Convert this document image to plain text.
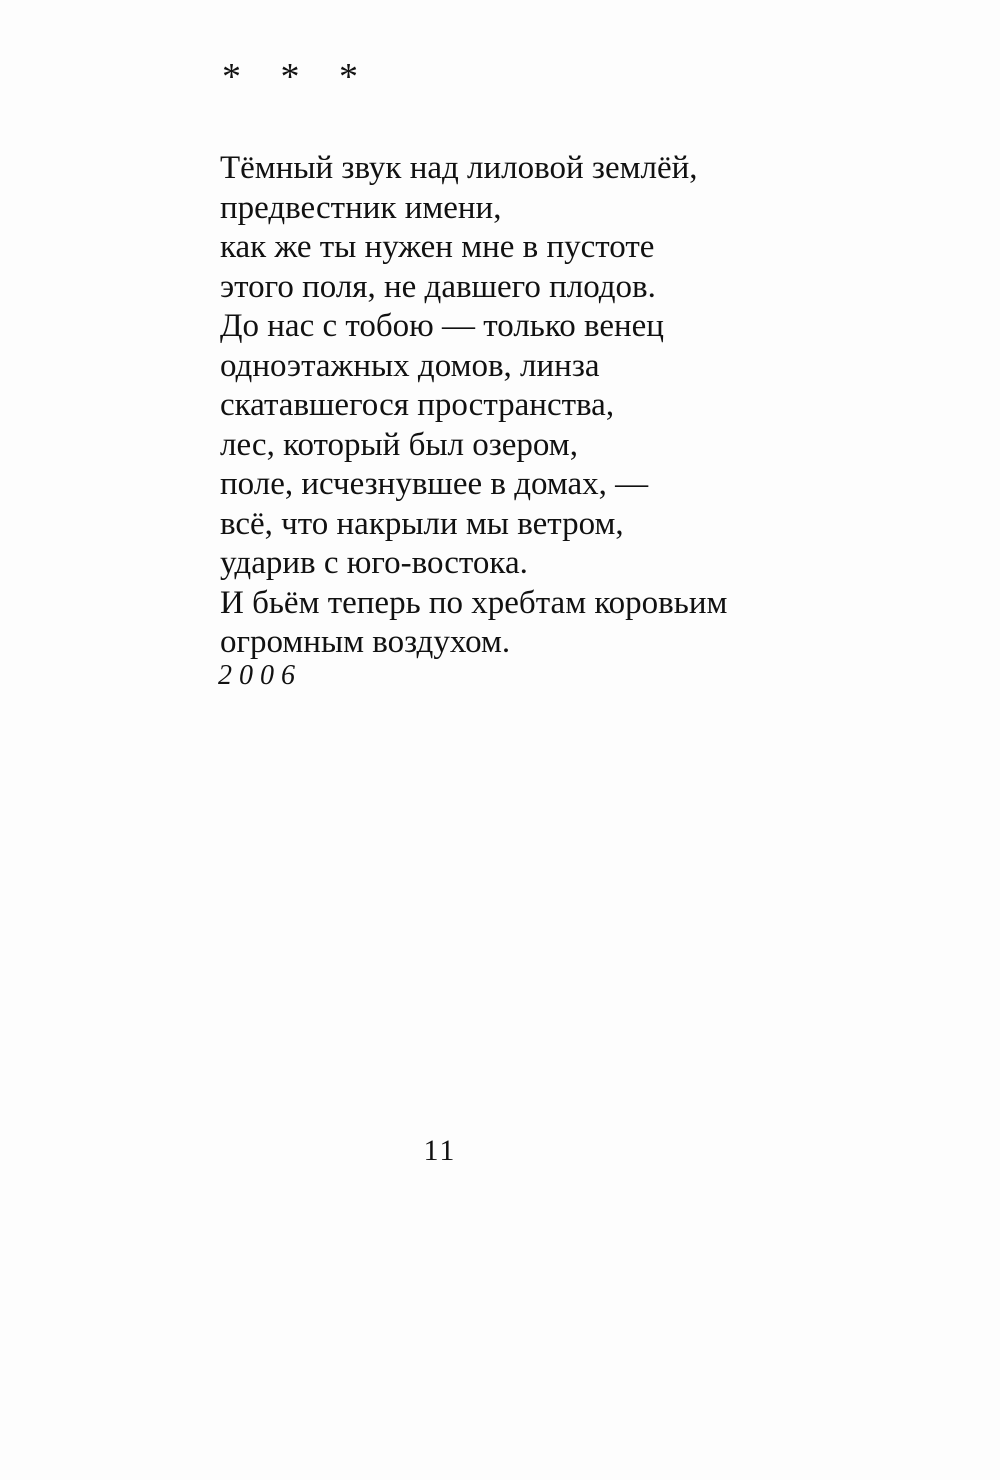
* * *
Тёмный звук над лиловой землёй,
предвестник имени,
как же ты нужен мне в пустоте
этого поля, не давшего плодов.
До нас с тобою — только венец
одноэтажных домов, линза
скатавшегося пространства,
лес, который был озером,
поле, исчезнувшее в домах, —
всё, что накрыли мы ветром,
ударив с юго-востока.
И бьём теперь по хребтам коровьим
огромным воздухом.
2006
11
